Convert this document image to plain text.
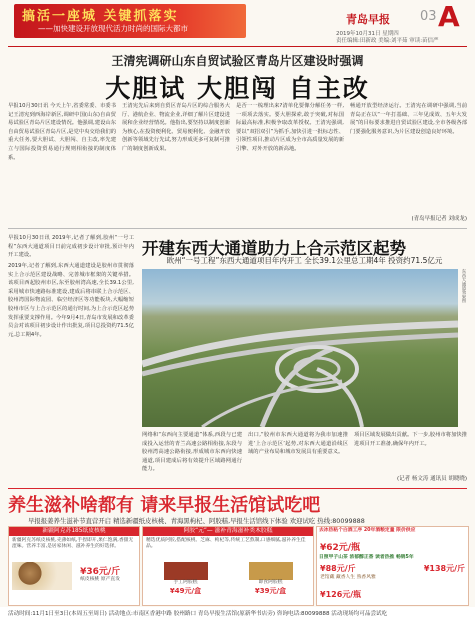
搞活一座城 关键抓落实
——加快建设开放现代活力时尚的国际大都市
青岛早报 03 A
2019年10月31日 星期四
责任编辑:田新政 美编:刘平茹 审读:苗信严
王清宪调研山东自贸试验区青岛片区建设时强调
大胆试 大胆闯 自主改
早报10月30日讯 今天上午,省委常委、市委书记王清宪到西海岸新区,调研中国(山东)自由贸易试验区青岛片区建设情况。他强调,建设山东自由贸易试验区青岛片区,是党中央交给我们的重大任务,要大胆试、大胆闯、自主改,率先建立与国际投资贸易通行规则相衔接的制度体系。
王清宪先后来到自贸区青岛片区的综合服务大厅、港航企业、物流企业,详细了解片区建设进展和企业经营情况。他指出,要坚持以制度创新为核心,在投资便利化、贸易便利化、金融开放创新等领域先行先试,努力形成更多可复制可推广的制度创新成果。
是否一一梳理出来?清单化要像分解任务一样,一项项去落实。要大胆探索,敢于突破,对标国际最高标准,积极争取改革授权。王清宪强调,要以“双招双引”为抓手,加快引进一批标志性、引领性项目,推动片区成为全市高质量发展的新引擎、对外开放的新高地。
畅通开放型经济运行。王清宪在调研中强调,当前青岛正在以“一年打基础、三年见成效、五年大发展”的目标要求推进自贸试验区建设,全市各级各部门要强化服务意识,为片区建设创造良好环境。
(青岛早报记者 刘成龙)
早报10月30日讯 2019年,记者了解到,胶州“一号工程”东西大通道项目日前完成初步设计审批,预计年内开工建设。
2019年,记者了解到,东西大通道建设是胶州市贯彻落实上合示范区建设战略、完善城市框架的关键举措。该项目西起胶州市区,东至胶州湾高速,全长39.1公里,采用城市快速路标准建设,建成后将串联上合示范区、胶州湾国际物流园、临空经济区等功能板块,大幅缩短胶州市区与上合示范区的通行时间,为上合示范区起势发挥重要支撑作用。今年9月4日,青岛市发展和改革委员会对该项目初步设计作出批复,项目总投资约71.5亿元,总工期4年。
开建东西大通道助力上合示范区起势
欧州“一号工程”东西大通道项目年内开工 全长39.1公里总工期4年 投资约71.5亿元
东西大通道效果图
网络和“东西向主要通道”体系,西段与已建成投入运营的青兰高速公路相衔接,东段与胶州湾高速公路衔接,形成城市东西向快速通道,项目建成后将有效提升区域路网通行能力。
出口,“胶州市东西大通道将为我市加速推进‘上合示范区’起势,对东西大通道沿线区域的产业布局和城市发展具有重要意义。
项目区域发展做出贡献。下一步,胶州市将加快推进项目开工准备,确保年内开工。
(记者 杨文涛 通讯员 胡晓晓)
养生滋补啥都有 请来早报生活馆试吃吧
早报报姜养生滋补节直营开启 精选新疆纸皮核桃、青海黑枸杞、阿胶糕,早报生活馆线下体验 欢迎试吃 热线:80099888
新疆阿克苏185纸皮核桃
新疆阿克苏纸皮核桃,壳薄如纸,手捏即开,果仁饱满,香甜无涩味。营养丰富,是居家休闲、滋补养生的好选择。

¥36元/斤
纸皮核桃 原产直发
阿胶“元”— 滋补青海滋补类木胶糕
精选优质阿胶,搭配核桃、芝麻、枸杞等,传统工艺熬制,口感细腻,滋补养生佳品。
手工阿胶糕
¥49元/盒
即食阿胶糕
¥39元/盒
去冰热粘个白酒工序 20年酒粮定量 限价供应
¥62元/瓶
日照甲子山茶 浓郁醇正香 读者热推 畅销5年
¥88元/斤	¥138元/斤
老馆藏 藏香人生 熟香风雅
¥126元/瓶
活动时间:11月1日至3日(本周五至周日) 活动地点:市南区香港中路 胶州路口 青岛早报生活馆(原新华书店旁) 咨询电话:80099888 活动现场均可品尝试吃
